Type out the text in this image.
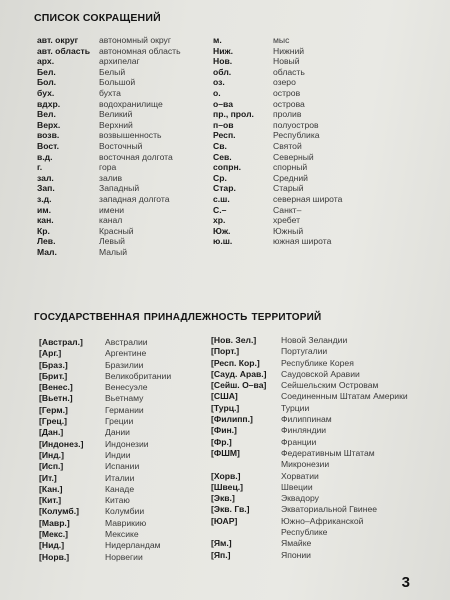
СПИСОК СОКРАЩЕНИЙ
авт. округ автономный округ
авт. область автономная область
арх.	архипелаг
Бел.	Белый
Бол.	Большой
бух.	бухта
вдхр.	водохранилище
Вел.	Великий
Верх.	Верхний
возв.	возвышенность
Вост.	Восточный
в.д.	восточная долгота
г.	гора
зал.	залив
Зап.	Западный
з.д.	западная долгота
им.	имени
кан.	канал
Кр.	Красный
Лев.	Левый
Мал.	Малый
м.	мыс
Ниж.	Нижний
Нов.	Новый
обл.	область
оз.	озеро
о.	остров
о–ва	острова
пр., прол. пролив
п–ов	полуостров
Респ.	Республика
Св.	Святой
Сев.	Северный
сопрн.	спорный
Ср.	Средний
Стар.	Старый
с.ш.	северная широта
С.–	Санкт–
хр.	хребет
Юж.	Южный
ю.ш.	южная широта
ГОСУДАРСТВЕННАЯ ПРИНАДЛЕЖНОСТЬ ТЕРРИТОРИЙ
[Австрал.]	Австралии
[Арг.]	Аргентине
[Браз.]	Бразилии
[Брит.]	Великобритании
[Венес.]	Венесуэле
[Вьетн.]	Вьетнаму
[Герм.]	Германии
[Грец.]	Греции
[Дан.]	Дании
[Индонез.]	Индонезии
[Инд.]	Индии
[Исп.]	Испании
[Ит.]	Италии
[Кан.]	Канаде
[Кит.]	Китаю
[Колумб.]	Колумбии
[Мавр.]	Маврикию
[Мекс.]	Мексике
[Нид.]	Нидерландам
[Норв.]	Норвегии
[Нов. Зел.]	Новой Зеландии
[Порт.]	Португалии
[Респ. Кор.] Республике Корея
[Сауд. Арав.] Саудовской Аравии
[Сейш. О–ва] Сейшельским Островам
[США]	Соединенным Штатам Америки
[Турц.]	Турции
[Филипп.]	Филиппинам
[Фин.]	Финляндии
[Фр.]	Франции
[ФШМ]	Федеративным Штатам
Микронезии
[Хорв.]	Хорватии
[Швец.]	Швеции
[Экв.]	Эквадору
[Экв. Гв.]	Экваториальной Гвинее
[ЮАР]	Южно–Африканской
Республике
[Ям.]	Ямайке
[Яп.]	Японии
3
